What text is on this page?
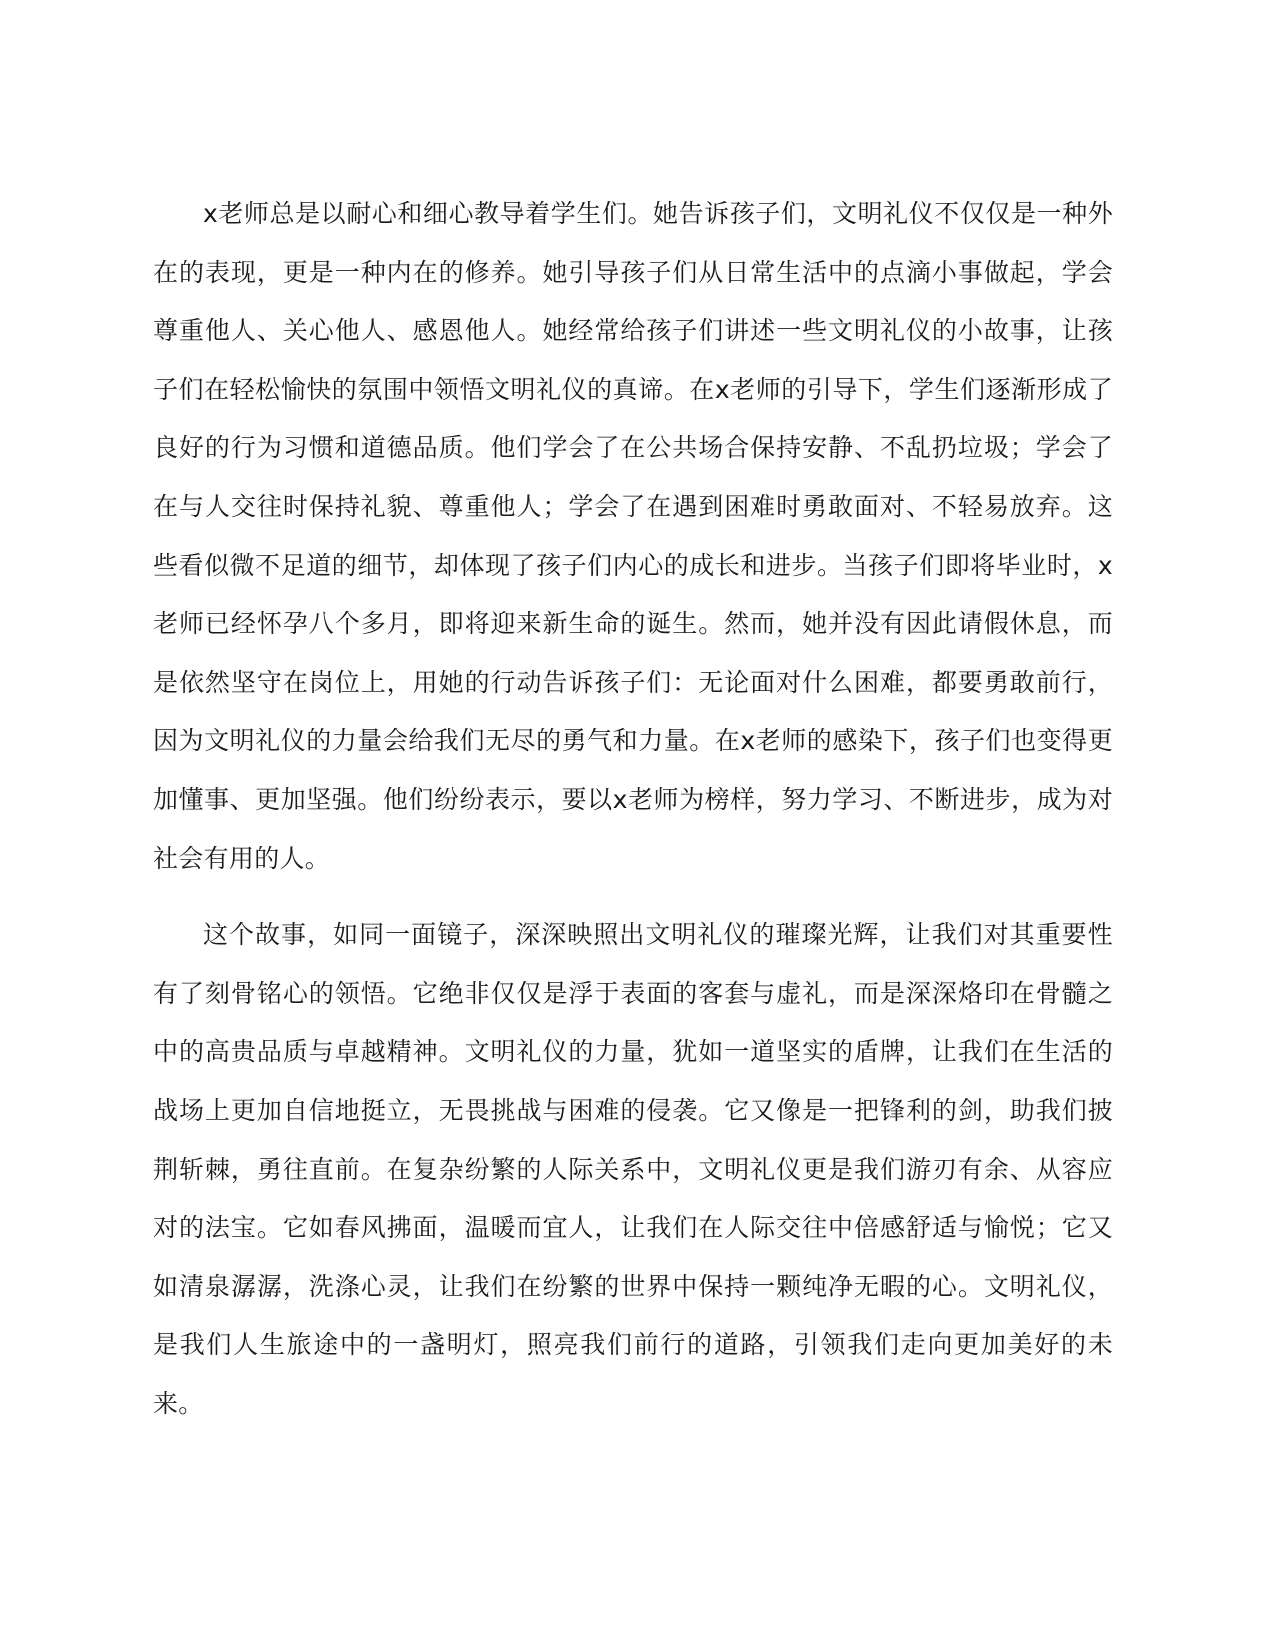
x老师总是以耐心和细心教导着学生们。她告诉孩子们，文明礼仪不仅仅是一种外在的表现，更是一种内在的修养。她引导孩子们从日常生活中的点滴小事做起，学会尊重他人、关心他人、感恩他人。她经常给孩子们讲述一些文明礼仪的小故事，让孩子们在轻松愉快的氛围中领悟文明礼仪的真谛。在x老师的引导下，学生们逐渐形成了良好的行为习惯和道德品质。他们学会了在公共场合保持安静、不乱扔垃圾；学会了在与人交往时保持礼貌、尊重他人；学会了在遇到困难时勇敢面对、不轻易放弃。这些看似微不足道的细节，却体现了孩子们内心的成长和进步。当孩子们即将毕业时，x老师已经怀孕八个多月，即将迎来新生命的诞生。然而，她并没有因此请假休息，而是依然坚守在岗位上，用她的行动告诉孩子们：无论面对什么困难，都要勇敢前行，因为文明礼仪的力量会给我们无尽的勇气和力量。在x老师的感染下，孩子们也变得更加懂事、更加坚强。他们纷纷表示，要以x老师为榜样，努力学习、不断进步，成为对社会有用的人。

这个故事，如同一面镜子，深深映照出文明礼仪的璀璨光辉，让我们对其重要性有了刻骨铭心的领悟。它绝非仅仅是浮于表面的客套与虚礼，而是深深烙印在骨髓之中的高贵品质与卓越精神。文明礼仪的力量，犹如一道坚实的盾牌，让我们在生活的战场上更加自信地挺立，无畏挑战与困难的侵袭。它又像是一把锋利的剑，助我们披荆斩棘，勇往直前。在复杂纷繁的人际关系中，文明礼仪更是我们游刃有余、从容应对的法宝。它如春风拂面，温暖而宜人，让我们在人际交往中倍感舒适与愉悦；它又如清泉潺潺，洗涤心灵，让我们在纷繁的世界中保持一颗纯净无暇的心。文明礼仪，是我们人生旅途中的一盏明灯，照亮我们前行的道路，引领我们走向更加美好的未来。
